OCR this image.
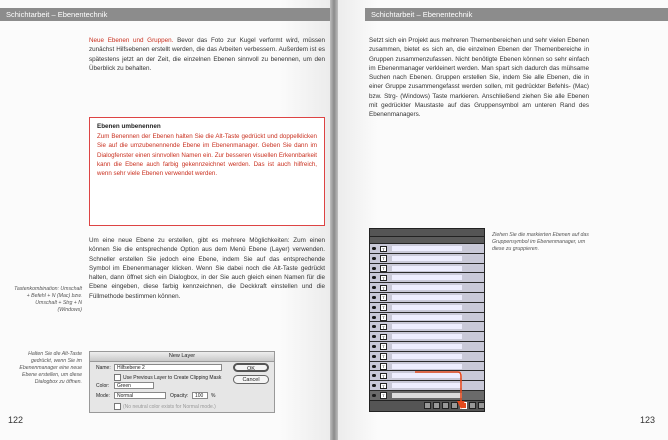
Schichtarbeit – Ebenentechnik
Neue Ebenen und Gruppen. Bevor das Foto zur Kugel verformt wird, müssen zunächst Hilfsebenen erstellt werden, die das Arbeiten verbessern. Außerdem ist es spätestens jetzt an der Zeit, die einzelnen Ebenen sinnvoll zu benennen, um den Überblick zu behalten.
Ebenen umbenennen
Zum Benennen der Ebenen halten Sie die Alt-Taste gedrückt und doppelklicken Sie auf die umzubenennende Ebene im Ebenenmanager. Geben Sie dann im Dialogfenster einen sinnvollen Namen ein. Zur besseren visuellen Erkennbarkeit kann die Ebene auch farbig gekennzeichnet werden. Das ist auch hilfreich, wenn sehr viele Ebenen verwendet werden.
Um eine neue Ebene zu erstellen, gibt es mehrere Möglichkeiten: Zum einen können Sie die entsprechende Option aus dem Menü Ebene (Layer) verwenden. Schneller erstellen Sie jedoch eine Ebene, indem Sie auf das entsprechende Symbol im Ebenenmanager klicken. Wenn Sie dabei noch die Alt-Taste gedrückt halten, dann öffnet sich ein Dialogbox, in der Sie auch gleich einen Namen für die Ebene eingeben, diese farbig kennzeichnen, die Deckkraft einstellen und die Füllmethode bestimmen können.
Tastenkombination: Umschalt + Befehl + N (Mac) bzw. Umschalt + Strg + N (Windows)
Halten Sie die Alt-Taste gedrückt, wenn Sie im Ebenenmanager eine neue Ebene erstellen, um diese Dialogbox zu öffnen.
New Layer
Name:	Hilfsebene 2	OK
Cancel
Use Previous Layer to Create Clipping Mask
Color:	Green
Mode:	Normal	Opacity:	100	%
(No neutral color exists for Normal mode.)
122
Schichtarbeit – Ebenentechnik
Setzt sich ein Projekt aus mehreren Themenbereichen und sehr vielen Ebenen zusammen, bietet es sich an, die einzelnen Ebenen der Themenbereiche in Gruppen zusammenzufassen. Nicht benötigte Ebenen können so sehr einfach im Ebenenmanager verkleinert werden. Man spart sich dadurch das mühsame Suchen nach Ebenen. Gruppen erstellen Sie, indem Sie alle Ebenen, die in einer Gruppe zusammengefasst werden sollen, mit gedrückter Befehls- (Mac) bzw. Strg- (Windows) Taste markieren. Anschließend ziehen Sie alle Ebenen mit gedrückter Maustaste auf das Gruppensymbol am unteren Rand des Ebenenmanagers.
Ziehen Sie die markierten Ebenen auf das Gruppensymbol im Ebenenmanager, um diese zu gruppieren.
T
T
T
T
T
T
T
T
T
T
T
T
T
T
T
T
123
